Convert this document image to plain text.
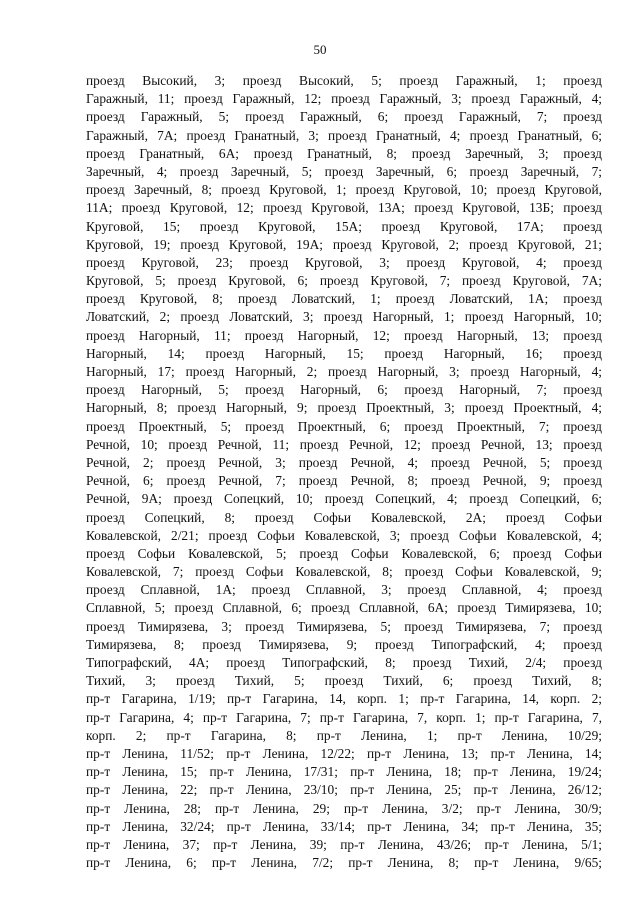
50
проезд Высокий, 3; проезд Высокий, 5; проезд Гаражный, 1; проезд
Гаражный, 11; проезд Гаражный, 12; проезд Гаражный, 3; проезд Гаражный, 4;
проезд Гаражный, 5; проезд Гаражный, 6; проезд Гаражный, 7; проезд
Гаражный, 7А; проезд Гранатный, 3; проезд Гранатный, 4; проезд Гранатный, 6;
проезд Гранатный, 6А; проезд Гранатный, 8; проезд Заречный, 3; проезд
Заречный, 4; проезд Заречный, 5; проезд Заречный, 6; проезд Заречный, 7;
проезд Заречный, 8; проезд Круговой, 1; проезд Круговой, 10; проезд Круговой,
11А; проезд Круговой, 12; проезд Круговой, 13А; проезд Круговой, 13Б; проезд
Круговой, 15; проезд Круговой, 15А; проезд Круговой, 17А; проезд
Круговой, 19; проезд Круговой, 19А; проезд Круговой, 2; проезд Круговой, 21;
проезд Круговой, 23; проезд Круговой, 3; проезд Круговой, 4; проезд
Круговой, 5; проезд Круговой, 6; проезд Круговой, 7; проезд Круговой, 7А;
проезд Круговой, 8; проезд Ловатский, 1; проезд Ловатский, 1А; проезд
Ловатский, 2; проезд Ловатский, 3; проезд Нагорный, 1; проезд Нагорный, 10;
проезд Нагорный, 11; проезд Нагорный, 12; проезд Нагорный, 13; проезд
Нагорный, 14; проезд Нагорный, 15; проезд Нагорный, 16; проезд
Нагорный, 17; проезд Нагорный, 2; проезд Нагорный, 3; проезд Нагорный, 4;
проезд Нагорный, 5; проезд Нагорный, 6; проезд Нагорный, 7; проезд
Нагорный, 8; проезд Нагорный, 9; проезд Проектный, 3; проезд Проектный, 4;
проезд Проектный, 5; проезд Проектный, 6; проезд Проектный, 7; проезд
Речной, 10; проезд Речной, 11; проезд Речной, 12; проезд Речной, 13; проезд
Речной, 2; проезд Речной, 3; проезд Речной, 4; проезд Речной, 5; проезд
Речной, 6; проезд Речной, 7; проезд Речной, 8; проезд Речной, 9; проезд
Речной, 9А; проезд Сопецкий, 10; проезд Сопецкий, 4; проезд Сопецкий, 6;
проезд Сопецкий, 8; проезд Софьи Ковалевской, 2А; проезд Софьи
Ковалевской, 2/21; проезд Софьи Ковалевской, 3; проезд Софьи Ковалевской, 4;
проезд Софьи Ковалевской, 5; проезд Софьи Ковалевской, 6; проезд Софьи
Ковалевской, 7; проезд Софьи Ковалевской, 8; проезд Софьи Ковалевской, 9;
проезд Сплавной, 1А; проезд Сплавной, 3; проезд Сплавной, 4; проезд
Сплавной, 5; проезд Сплавной, 6; проезд Сплавной, 6А; проезд Тимирязева, 10;
проезд Тимирязева, 3; проезд Тимирязева, 5; проезд Тимирязева, 7; проезд
Тимирязева, 8; проезд Тимирязева, 9; проезд Типографский, 4; проезд
Типографский, 4А; проезд Типографский, 8; проезд Тихий, 2/4; проезд
Тихий, 3; проезд Тихий, 5; проезд Тихий, 6; проезд Тихий, 8;
пр-т Гагарина, 1/19; пр-т Гагарина, 14, корп. 1; пр-т Гагарина, 14, корп. 2;
пр-т Гагарина, 4; пр-т Гагарина, 7; пр-т Гагарина, 7, корп. 1; пр-т Гагарина, 7,
корп. 2; пр-т Гагарина, 8; пр-т Ленина, 1; пр-т Ленина, 10/29;
пр-т Ленина, 11/52; пр-т Ленина, 12/22; пр-т Ленина, 13; пр-т Ленина, 14;
пр-т Ленина, 15; пр-т Ленина, 17/31; пр-т Ленина, 18; пр-т Ленина, 19/24;
пр-т Ленина, 22; пр-т Ленина, 23/10; пр-т Ленина, 25; пр-т Ленина, 26/12;
пр-т Ленина, 28; пр-т Ленина, 29; пр-т Ленина, 3/2; пр-т Ленина, 30/9;
пр-т Ленина, 32/24; пр-т Ленина, 33/14; пр-т Ленина, 34; пр-т Ленина, 35;
пр-т Ленина, 37; пр-т Ленина, 39; пр-т Ленина, 43/26; пр-т Ленина, 5/1;
пр-т Ленина, 6; пр-т Ленина, 7/2; пр-т Ленина, 8; пр-т Ленина, 9/65;
